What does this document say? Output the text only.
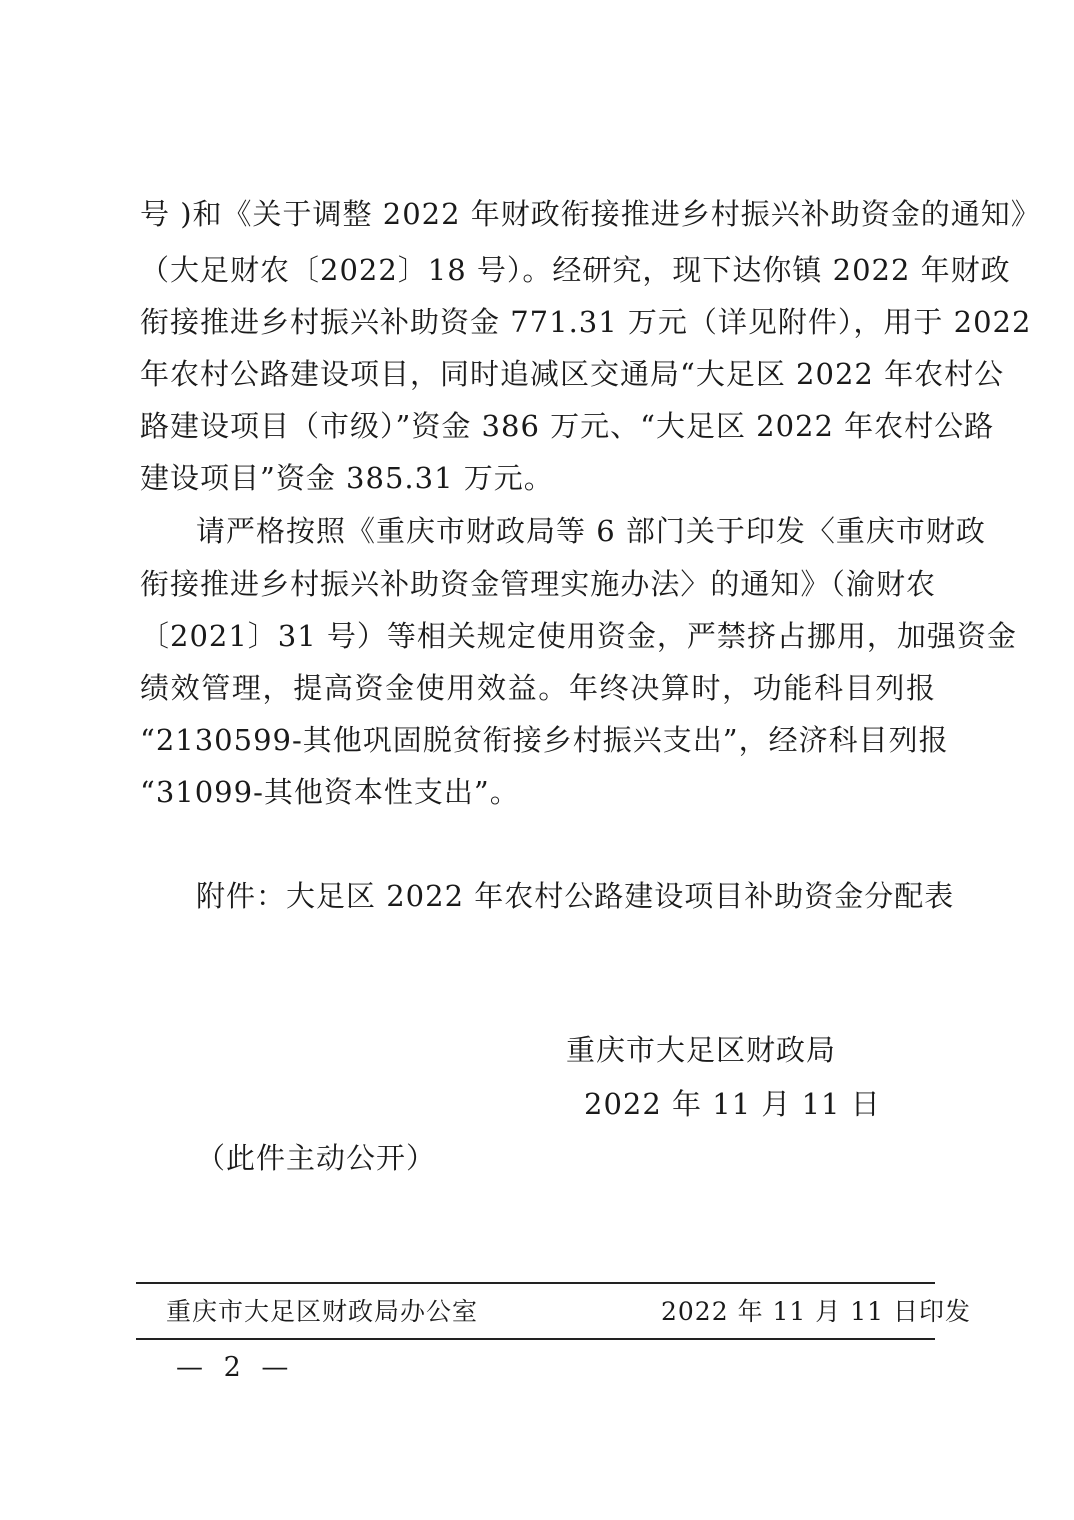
号 )和《关于调整 2022 年财政衔接推进乡村振兴补助资金的通知》
（大足财农〔2022〕18 号）。经研究，现下达你镇 2022 年财政
衔接推进乡村振兴补助资金 771.31 万元（详见附件），用于 2022
年农村公路建设项目，同时追减区交通局“大足区 2022 年农村公
路建设项目（市级）”资金 386 万元、“大足区 2022 年农村公路
建设项目”资金 385.31 万元。
请严格按照《重庆市财政局等 6 部门关于印发〈重庆市财政
衔接推进乡村振兴补助资金管理实施办法〉的通知》（渝财农
〔2021〕31 号）等相关规定使用资金，严禁挤占挪用，加强资金
绩效管理，提高资金使用效益。年终决算时，功能科目列报
“2130599-其他巩固脱贫衔接乡村振兴支出”，经济科目列报
“31099-其他资本性支出”。
附件：大足区 2022 年农村公路建设项目补助资金分配表
重庆市大足区财政局
2022 年 11 月 11 日
（此件主动公开）
重庆市大足区财政局办公室	2022 年 11 月 11 日印发
— 2 —
